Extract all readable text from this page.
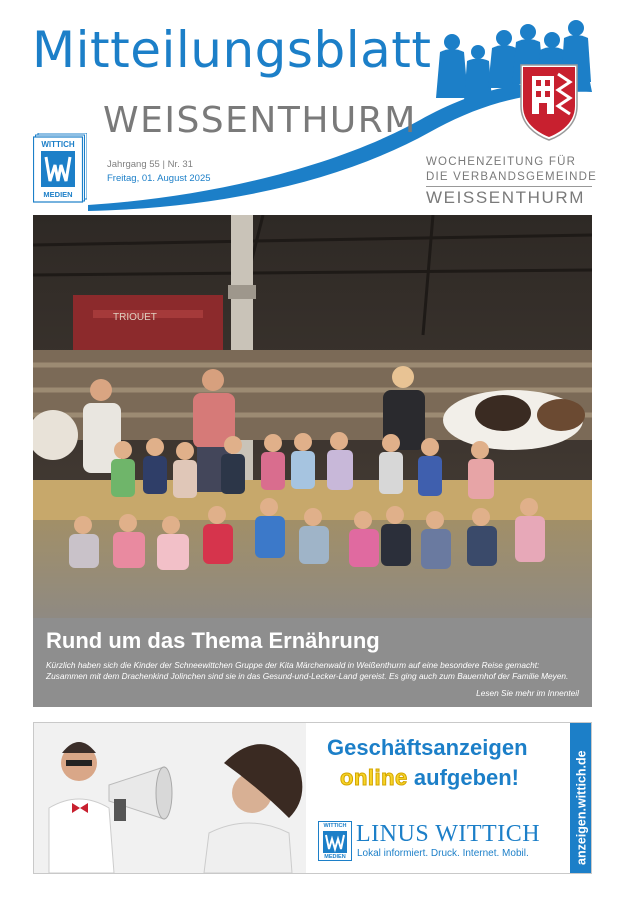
Mitteilungsblatt
WEISSENTHURM
WITTICH
MEDIEN
Jahrgang 55 | Nr. 31
Freitag, 01. August 2025
WOCHENZEITUNG FÜR
DIE VERBANDSGEMEINDE
WEISSENTHURM
TRIOUET
Rund um das Thema Ernährung
Kürzlich haben sich die Kinder der Schneewittchen Gruppe der Kita Märchenwald in Weißenthurm auf eine besondere Reise gemacht: Zusammen mit dem Drachenkind Jolinchen sind sie in das Gesund-und-Lecker-Land gereist. Es ging auch zum Bauernhof der Familie Meyen.
Lesen Sie mehr im Innenteil
Geschäftsanzeigen
online aufgeben!
WITTICH
MEDIEN
LINUS WITTICH
Lokal informiert. Druck. Internet. Mobil.	anzeigen.wittich.de
